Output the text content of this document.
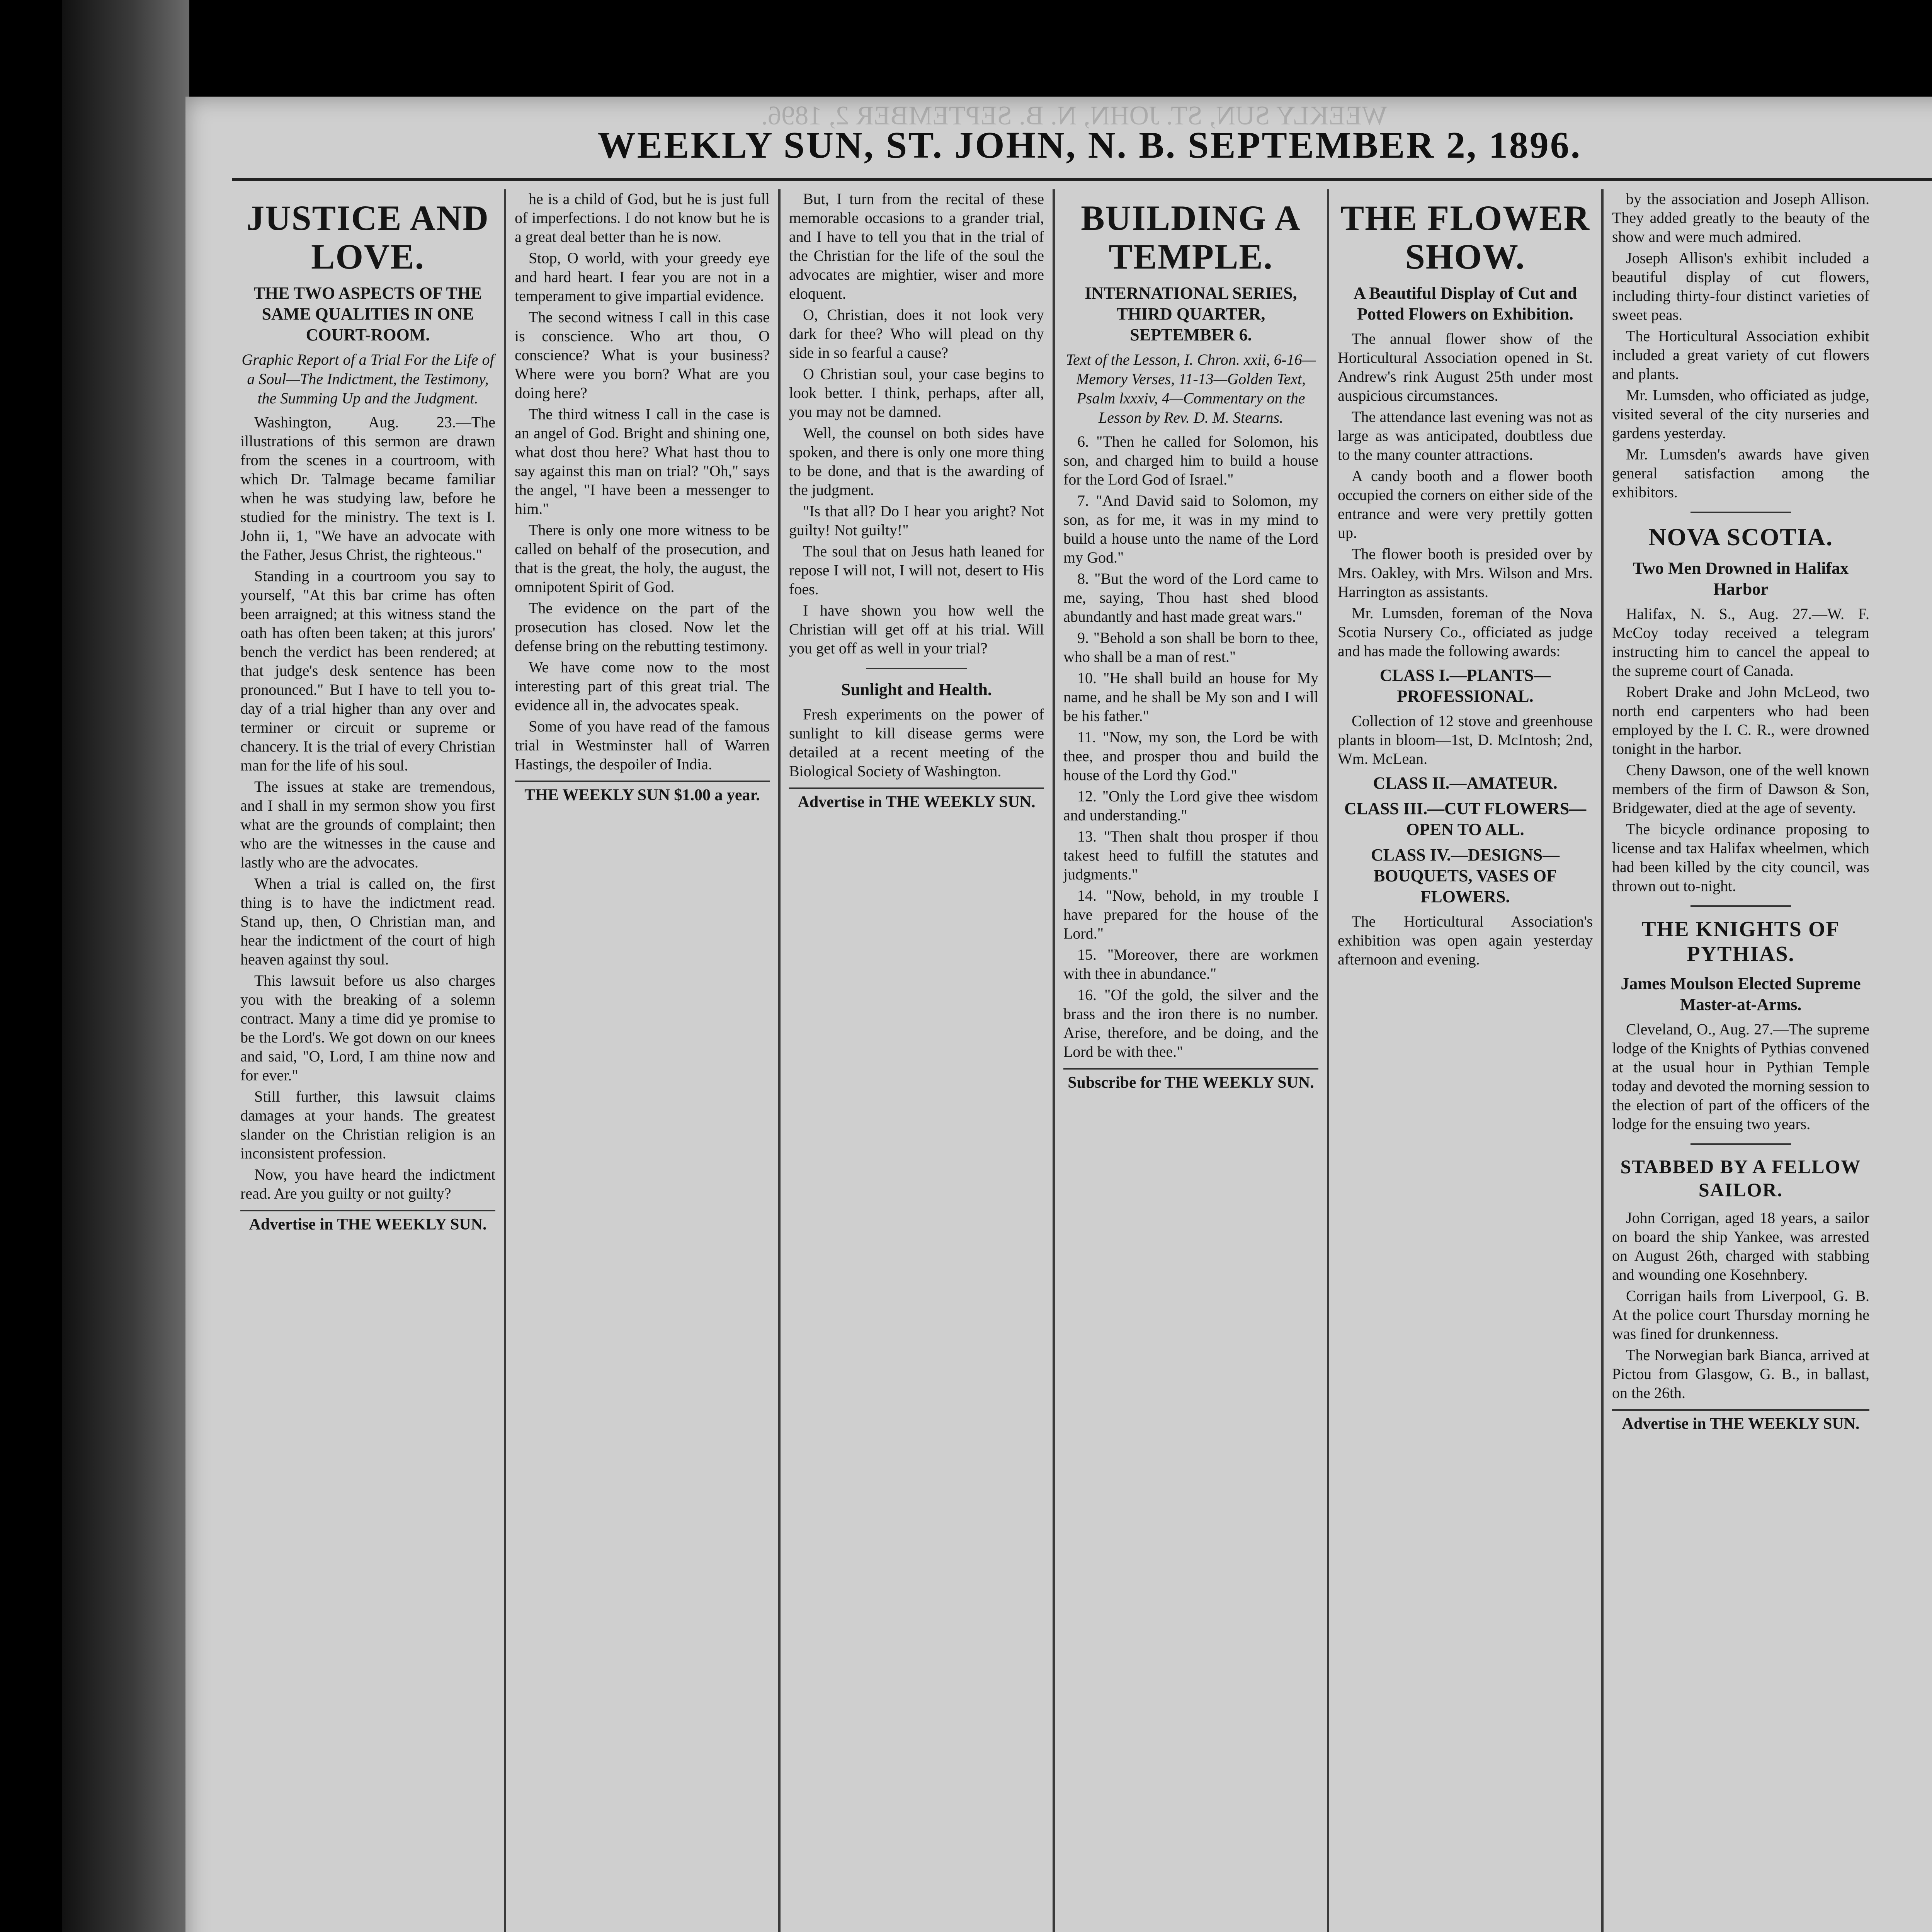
WEEKLY SUN, ST. JOHN, N. B. SEPTEMBER 2, 1896.
WEEKLY SUN, ST. JOHN, N. B. SEPTEMBER 2, 1896.
JUSTICE AND LOVE.
THE TWO ASPECTS OF THE SAME QUALITIES IN ONE COURT-ROOM.
Graphic Report of a Trial For the Life of a Soul—The Indictment, the Testimony, the Summing Up and the Judgment.

Washington, Aug. 23.—The illustrations of this sermon are drawn from the scenes in a courtroom, with which Dr. Talmage became familiar when he was studying law, before he studied for the ministry. The text is I. John ii, 1, "We have an advocate with the Father, Jesus Christ, the righteous."

Standing in a courtroom you say to yourself, "At this bar crime has often been arraigned; at this witness stand the oath has often been taken; at this jurors' bench the verdict has been rendered; at that judge's desk sentence has been pronounced." But I have to tell you to-day of a trial higher than any over and terminer or circuit or supreme or chancery. It is the trial of every Christian man for the life of his soul.

The issues at stake are tremendous, and I shall in my sermon show you first what are the grounds of complaint; then who are the witnesses in the cause and lastly who are the advocates.

When a trial is called on, the first thing is to have the indictment read. Stand up, then, O Christian man, and hear the indictment of the court of high heaven against thy soul.

This lawsuit before us also charges you with the breaking of a solemn contract. Many a time did ye promise to be the Lord's. We got down on our knees and said, "O, Lord, I am thine now and for ever."

Still further, this lawsuit claims damages at your hands. The greatest slander on the Christian religion is an inconsistent profession.

Now, you have heard the indictment read. Are you guilty or not guilty?

Advertise in THE WEEKLY SUN.

he is a child of God, but he is just full of imperfections. I do not know but he is a great deal better than he is now.

Stop, O world, with your greedy eye and hard heart. I fear you are not in a temperament to give impartial evidence.

The second witness I call in this case is conscience. Who art thou, O conscience? What is your business? Where were you born? What are you doing here?

The third witness I call in the case is an angel of God. Bright and shining one, what dost thou here? What hast thou to say against this man on trial? "Oh," says the angel, "I have been a messenger to him."

There is only one more witness to be called on behalf of the prosecution, and that is the great, the holy, the august, the omnipotent Spirit of God.

The evidence on the part of the prosecution has closed. Now let the defense bring on the rebutting testimony.

We have come now to the most interesting part of this great trial. The evidence all in, the advocates speak.

Some of you have read of the famous trial in Westminster hall of Warren Hastings, the despoiler of India.

THE WEEKLY SUN $1.00 a year.

But, I turn from the recital of these memorable occasions to a grander trial, and I have to tell you that in the trial of the Christian for the life of the soul the advocates are mightier, wiser and more eloquent.

O, Christian, does it not look very dark for thee? Who will plead on thy side in so fearful a cause?

O Christian soul, your case begins to look better. I think, perhaps, after all, you may not be damned.

Well, the counsel on both sides have spoken, and there is only one more thing to be done, and that is the awarding of the judgment.

"Is that all? Do I hear you aright? Not guilty! Not guilty!"

The soul that on Jesus hath leaned for repose I will not, I will not, desert to His foes.

I have shown you how well the Christian will get off at his trial. Will you get off as well in your trial?

Sunlight and Health.

Fresh experiments on the power of sunlight to kill disease germs were detailed at a recent meeting of the Biological Society of Washington.

Advertise in THE WEEKLY SUN.
BUILDING A TEMPLE.
INTERNATIONAL SERIES, THIRD QUARTER, SEPTEMBER 6.
Text of the Lesson, I. Chron. xxii, 6-16—Memory Verses, 11-13—Golden Text, Psalm lxxxiv, 4—Commentary on the Lesson by Rev. D. M. Stearns.

6. "Then he called for Solomon, his son, and charged him to build a house for the Lord God of Israel."

7. "And David said to Solomon, my son, as for me, it was in my mind to build a house unto the name of the Lord my God."

8. "But the word of the Lord came to me, saying, Thou hast shed blood abundantly and hast made great wars."

9. "Behold a son shall be born to thee, who shall be a man of rest."

10. "He shall build an house for My name, and he shall be My son and I will be his father."

11. "Now, my son, the Lord be with thee, and prosper thou and build the house of the Lord thy God."

12. "Only the Lord give thee wisdom and understanding."

13. "Then shalt thou prosper if thou takest heed to fulfill the statutes and judgments."

14. "Now, behold, in my trouble I have prepared for the house of the Lord."

15. "Moreover, there are workmen with thee in abundance."

16. "Of the gold, the silver and the brass and the iron there is no number. Arise, therefore, and be doing, and the Lord be with thee."

Subscribe for THE WEEKLY SUN.
THE FLOWER SHOW.
A Beautiful Display of Cut and Potted Flowers on Exhibition.

The annual flower show of the Horticultural Association opened in St. Andrew's rink August 25th under most auspicious circumstances.

The attendance last evening was not as large as was anticipated, doubtless due to the many counter attractions.

A candy booth and a flower booth occupied the corners on either side of the entrance and were very prettily gotten up.

The flower booth is presided over by Mrs. Oakley, with Mrs. Wilson and Mrs. Harrington as assistants.

Mr. Lumsden, foreman of the Nova Scotia Nursery Co., officiated as judge and has made the following awards:

CLASS I.—PLANTS—PROFESSIONAL.

Collection of 12 stove and greenhouse plants in bloom—1st, D. McIntosh; 2nd, Wm. McLean.

CLASS II.—AMATEUR.
CLASS III.—CUT FLOWERS—OPEN TO ALL.
CLASS IV.—DESIGNS—BOUQUETS, VASES OF FLOWERS.

The Horticultural Association's exhibition was open again yesterday afternoon and evening.

by the association and Joseph Allison. They added greatly to the beauty of the show and were much admired.

Joseph Allison's exhibit included a beautiful display of cut flowers, including thirty-four distinct varieties of sweet peas.

The Horticultural Association exhibit included a great variety of cut flowers and plants.

Mr. Lumsden, who officiated as judge, visited several of the city nurseries and gardens yesterday.

Mr. Lumsden's awards have given general satisfaction among the exhibitors.

NOVA SCOTIA.
Two Men Drowned in Halifax Harbor

Halifax, N. S., Aug. 27.—W. F. McCoy today received a telegram instructing him to cancel the appeal to the supreme court of Canada.

Robert Drake and John McLeod, two north end carpenters who had been employed by the I. C. R., were drowned tonight in the harbor.

Cheny Dawson, one of the well known members of the firm of Dawson & Son, Bridgewater, died at the age of seventy.

The bicycle ordinance proposing to license and tax Halifax wheelmen, which had been killed by the city council, was thrown out to-night.

THE KNIGHTS OF PYTHIAS.
James Moulson Elected Supreme Master-at-Arms.

Cleveland, O., Aug. 27.—The supreme lodge of the Knights of Pythias convened at the usual hour in Pythian Temple today and devoted the morning session to the election of part of the officers of the lodge for the ensuing two years.

STABBED BY A FELLOW SAILOR.

John Corrigan, aged 18 years, a sailor on board the ship Yankee, was arrested on August 26th, charged with stabbing and wounding one Kosehnbery.

Corrigan hails from Liverpool, G. B. At the police court Thursday morning he was fined for drunkenness.

The Norwegian bark Bianca, arrived at Pictou from Glasgow, G. B., in ballast, on the 26th.

Advertise in THE WEEKLY SUN.
